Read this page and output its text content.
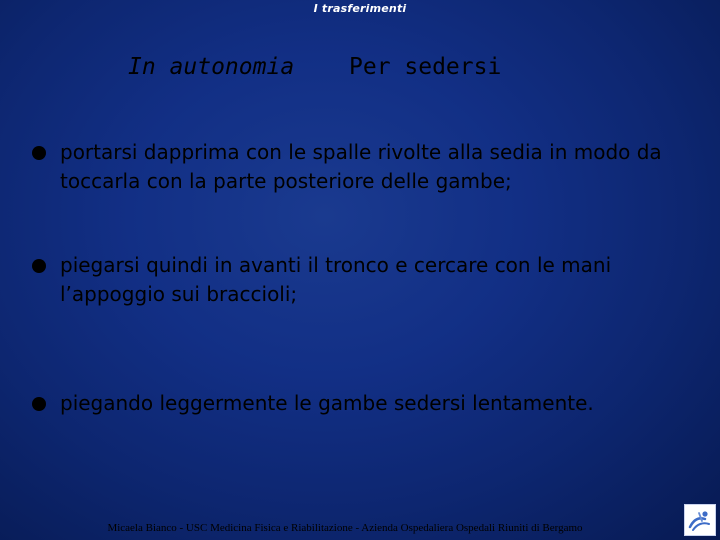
I trasferimenti
In autonomia Per sedersi
portarsi dapprima con le spalle rivolte alla sedia in modo da toccarla con la parte posteriore delle gambe;
piegarsi quindi in avanti il tronco e cercare con le mani l’appoggio sui braccioli;
piegando leggermente le gambe sedersi lentamente.
Micaela Bianco - USC Medicina Fisica e Riabilitazione - Azienda Ospedaliera Ospedali Riuniti di Bergamo
